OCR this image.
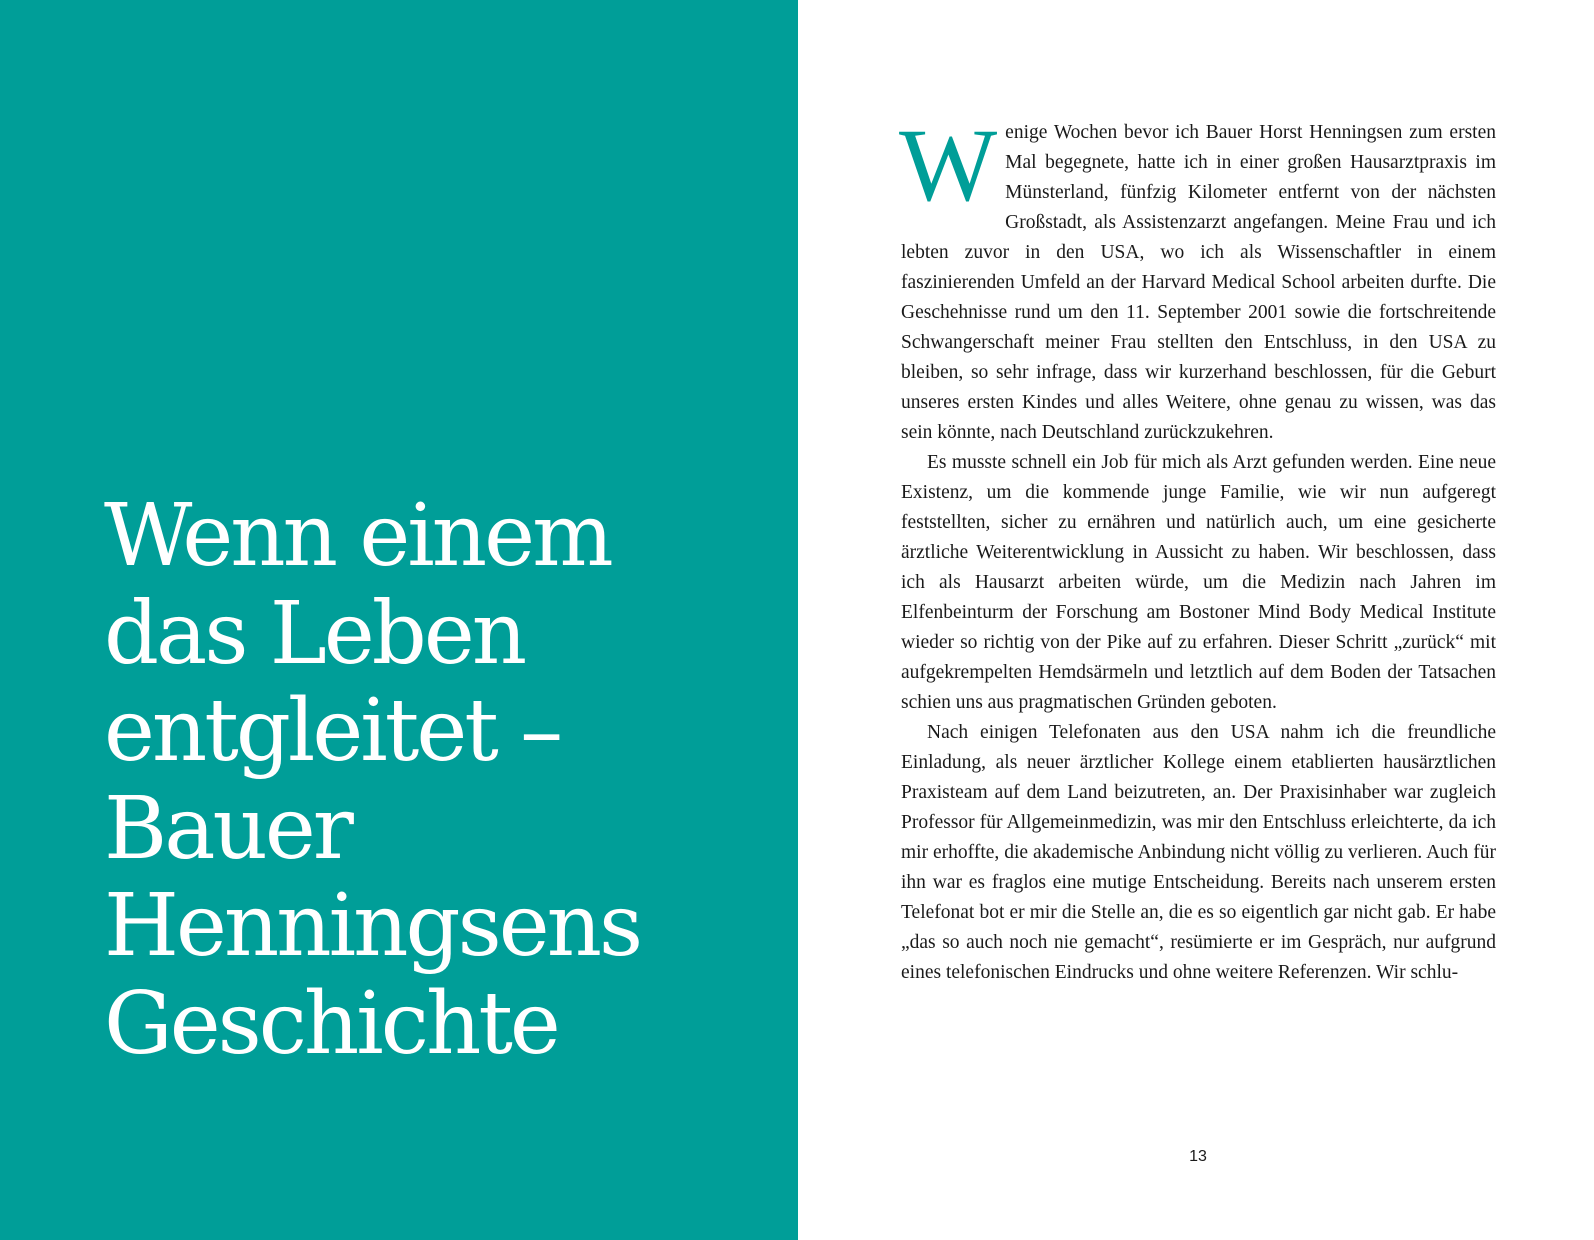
Wenn einem
das Leben
entgleitet –
Bauer
Henningsens
Geschichte

Wenige Wochen bevor ich Bauer Horst Henningsen zum ersten Mal begegnete, hatte ich in einer großen Hausarztpraxis im Münsterland, fünfzig Kilometer entfernt von der nächsten Großstadt, als Assistenzarzt angefangen. Meine Frau und ich lebten zuvor in den USA, wo ich als Wissenschaftler in einem faszinierenden Umfeld an der Harvard Medical School arbeiten durfte. Die Geschehnisse rund um den 11. September 2001 sowie die fortschreitende Schwangerschaft meiner Frau stellten den Entschluss, in den USA zu bleiben, so sehr infrage, dass wir kurzerhand beschlossen, für die Geburt unseres ersten Kindes und alles Weitere, ohne genau zu wissen, was das sein könnte, nach Deutschland zurückzukehren.

Es musste schnell ein Job für mich als Arzt gefunden werden. Eine neue Existenz, um die kommende junge Familie, wie wir nun aufgeregt feststellten, sicher zu ernähren und natürlich auch, um eine gesicherte ärztliche Weiterentwicklung in Aussicht zu haben. Wir beschlossen, dass ich als Hausarzt arbeiten würde, um die Medizin nach Jahren im Elfenbeinturm der Forschung am Bostoner Mind Body Medical Institute wieder so richtig von der Pike auf zu erfahren. Dieser Schritt „zurück“ mit aufgekrempelten Hemdsärmeln und letztlich auf dem Boden der Tatsachen schien uns aus pragmatischen Gründen geboten.

Nach einigen Telefonaten aus den USA nahm ich die freundliche Einladung, als neuer ärztlicher Kollege einem etablierten hausärztlichen Praxisteam auf dem Land beizutreten, an. Der Praxisinhaber war zugleich Professor für Allgemeinmedizin, was mir den Entschluss erleichterte, da ich mir erhoffte, die akademische Anbindung nicht völlig zu verlieren. Auch für ihn war es fraglos eine mutige Entscheidung. Bereits nach unserem ersten Telefonat bot er mir die Stelle an, die es so eigentlich gar nicht gab. Er habe „das so auch noch nie gemacht“, resümierte er im Gespräch, nur aufgrund eines telefonischen Eindrucks und ohne weitere Referenzen. Wir schlu-

13
